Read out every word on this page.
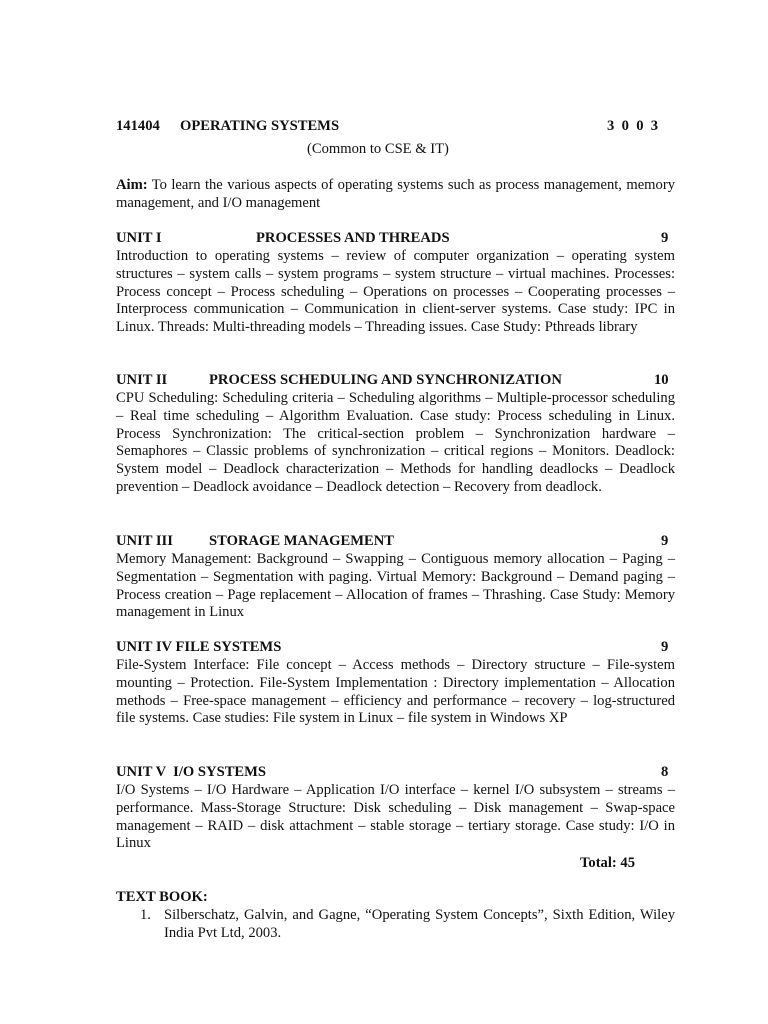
141404 OPERATING SYSTEMS	3  0  0  3
(Common to CSE & IT)
Aim: To learn the various aspects of operating systems such as process management, memory management, and I/O management
UNIT I	PROCESSES AND THREADS	9
Introduction to operating systems – review of computer organization – operating system structures – system calls – system programs – system structure – virtual machines. Processes: Process concept – Process scheduling – Operations on processes – Cooperating processes – Interprocess communication – Communication in client-server systems. Case study: IPC in Linux. Threads: Multi-threading models – Threading issues. Case Study: Pthreads library
UNIT II	PROCESS SCHEDULING AND SYNCHRONIZATION	10
CPU Scheduling: Scheduling criteria – Scheduling algorithms – Multiple-processor scheduling – Real time scheduling – Algorithm Evaluation. Case study: Process scheduling in Linux. Process Synchronization: The critical-section problem – Synchronization hardware – Semaphores – Classic problems of synchronization – critical regions – Monitors. Deadlock: System model – Deadlock characterization – Methods for handling deadlocks – Deadlock prevention – Deadlock avoidance – Deadlock detection – Recovery from deadlock.
UNIT III STORAGE MANAGEMENT	9
Memory Management: Background – Swapping – Contiguous memory allocation – Paging – Segmentation – Segmentation with paging. Virtual Memory: Background – Demand paging – Process creation – Page replacement – Allocation of frames – Thrashing. Case Study: Memory management in Linux
UNIT IV FILE SYSTEMS	9
File-System Interface: File concept – Access methods – Directory structure – File-system mounting – Protection. File-System Implementation : Directory implementation – Allocation methods – Free-space management – efficiency and performance – recovery – log-structured file systems. Case studies: File system in Linux – file system in Windows XP
UNIT V  I/O SYSTEMS	8
I/O Systems – I/O Hardware – Application I/O interface – kernel I/O subsystem – streams – performance. Mass-Storage Structure: Disk scheduling – Disk management – Swap-space management – RAID – disk attachment – stable storage – tertiary storage. Case study: I/O in Linux
Total: 45
TEXT BOOK:
1. Silberschatz, Galvin, and Gagne, “Operating System Concepts”, Sixth Edition, Wiley India Pvt Ltd, 2003.
